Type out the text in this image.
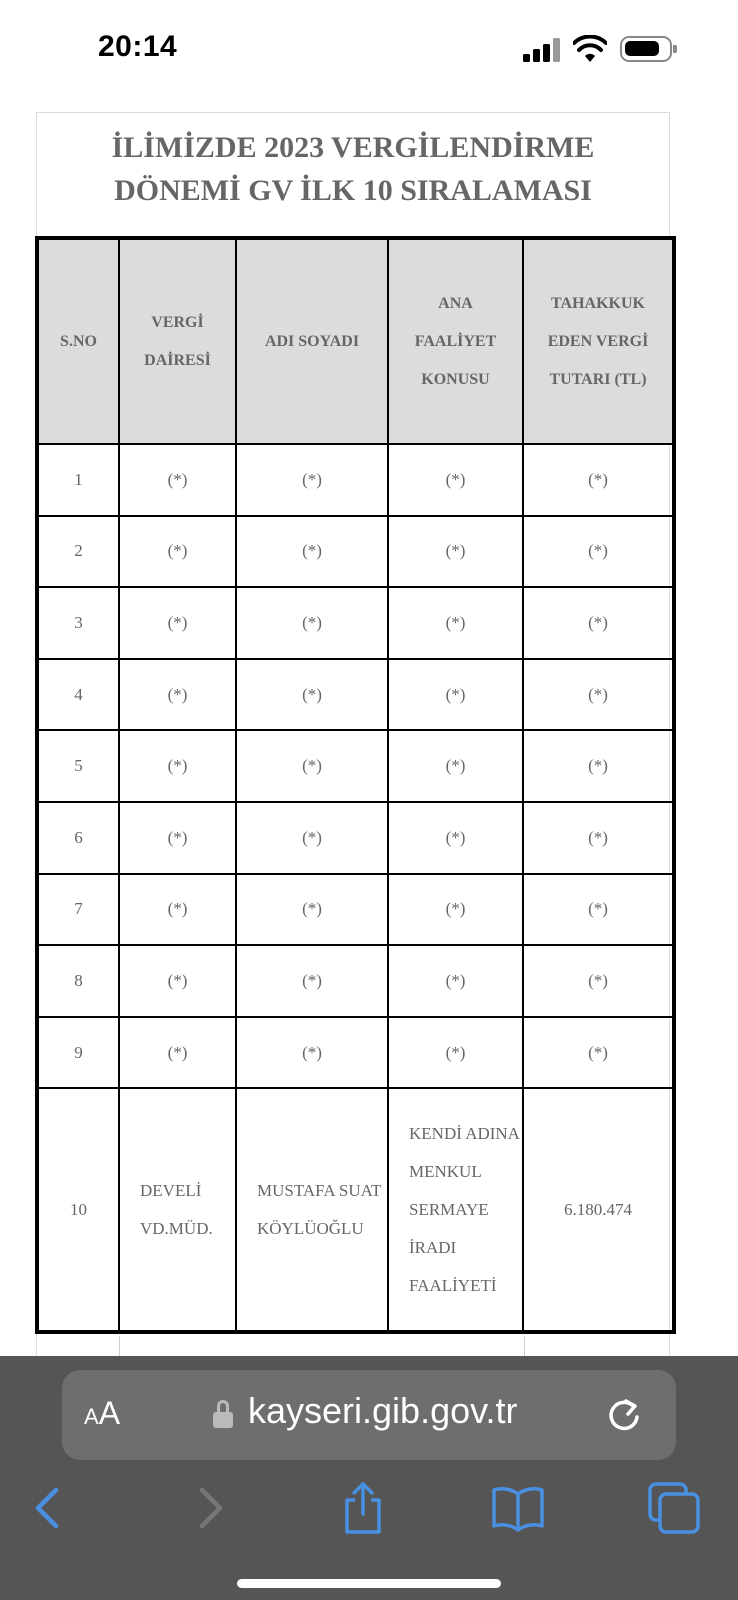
20:14
İLİMİZDE 2023 VERGİLENDİRME
DÖNEMİ GV İLK 10 SIRALAMASI
S.NO	VERGİ DAİRESİ	ADI SOYADI	ANA FAALİYET KONUSU	TAHAKKUK EDEN VERGİ TUTARI (TL)
1	(*)	(*)	(*)	(*)
2	(*)	(*)	(*)	(*)
3	(*)	(*)	(*)	(*)
4	(*)	(*)	(*)	(*)
5	(*)	(*)	(*)	(*)
6	(*)	(*)	(*)	(*)
7	(*)	(*)	(*)	(*)
8	(*)	(*)	(*)	(*)
9	(*)	(*)	(*)	(*)
10	DEVELİ VD.MÜD.	MUSTAFA SUAT KÖYLÜOĞLU	KENDİ ADINA MENKUL SERMAYE İRADI FAALİYETİ	6.180.474
AA	kayseri.gib.gov.tr
